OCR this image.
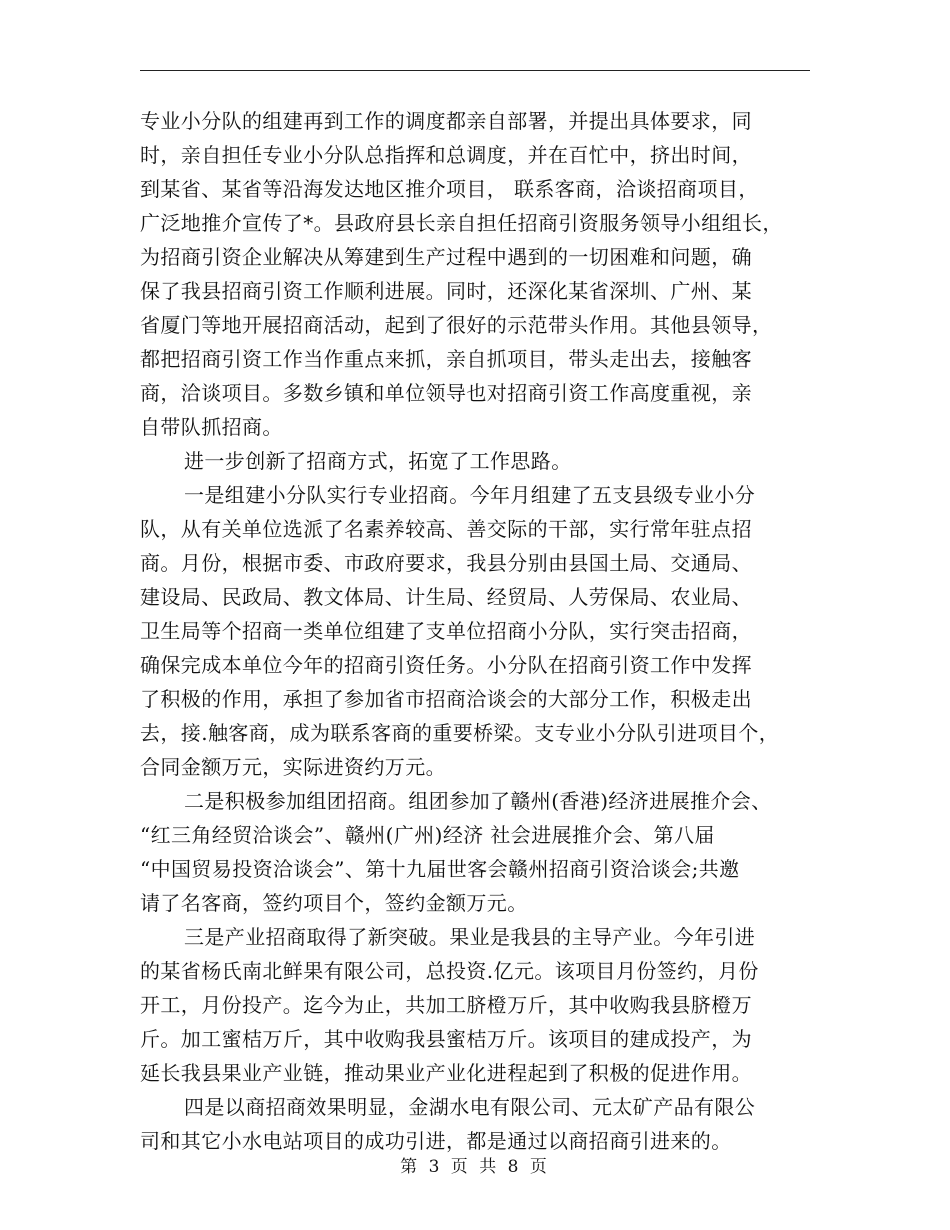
专业小分队的组建再到工作的调度都亲自部署，并提出具体要求，同
时，亲自担任专业小分队总指挥和总调度，并在百忙中，挤出时间，
到某省、某省等沿海发达地区推介项目， 联系客商，洽谈招商项目，
广泛地推介宣传了*。县政府县长亲自担任招商引资服务领导小组组长，
为招商引资企业解决从筹建到生产过程中遇到的一切困难和问题，确
保了我县招商引资工作顺利进展。同时，还深化某省深圳、广州、某
省厦门等地开展招商活动，起到了很好的示范带头作用。其他县领导，
都把招商引资工作当作重点来抓，亲自抓项目，带头走出去，接触客
商，洽谈项目。多数乡镇和单位领导也对招商引资工作高度重视，亲
自带队抓招商。
进一步创新了招商方式，拓宽了工作思路。
一是组建小分队实行专业招商。今年月组建了五支县级专业小分
队，从有关单位选派了名素养较高、善交际的干部，实行常年驻点招
商。月份，根据市委、市政府要求，我县分别由县国土局、交通局、
建设局、民政局、教文体局、计生局、经贸局、人劳保局、农业局、
卫生局等个招商一类单位组建了支单位招商小分队，实行突击招商，
确保完成本单位今年的招商引资任务。小分队在招商引资工作中发挥
了积极的作用，承担了参加省市招商洽谈会的大部分工作，积极走出
去，接.触客商，成为联系客商的重要桥梁。支专业小分队引进项目个，
合同金额万元，实际进资约万元。
二是积极参加组团招商。组团参加了赣州(香港)经济进展推介会、
“红三角经贸洽谈会”、赣州(广州)经济 社会进展推介会、第八届
“中国贸易投资洽谈会”、第十九届世客会赣州招商引资洽谈会;共邀
请了名客商，签约项目个，签约金额万元。
三是产业招商取得了新突破。果业是我县的主导产业。今年引进
的某省杨氏南北鲜果有限公司，总投资.亿元。该项目月份签约，月份
开工，月份投产。迄今为止，共加工脐橙万斤，其中收购我县脐橙万
斤。加工蜜桔万斤，其中收购我县蜜桔万斤。该项目的建成投产，为
延长我县果业产业链，推动果业产业化进程起到了积极的促进作用。
四是以商招商效果明显，金湖水电有限公司、元太矿产品有限公
司和其它小水电站项目的成功引进，都是通过以商招商引进来的。
第 3 页 共 8 页
